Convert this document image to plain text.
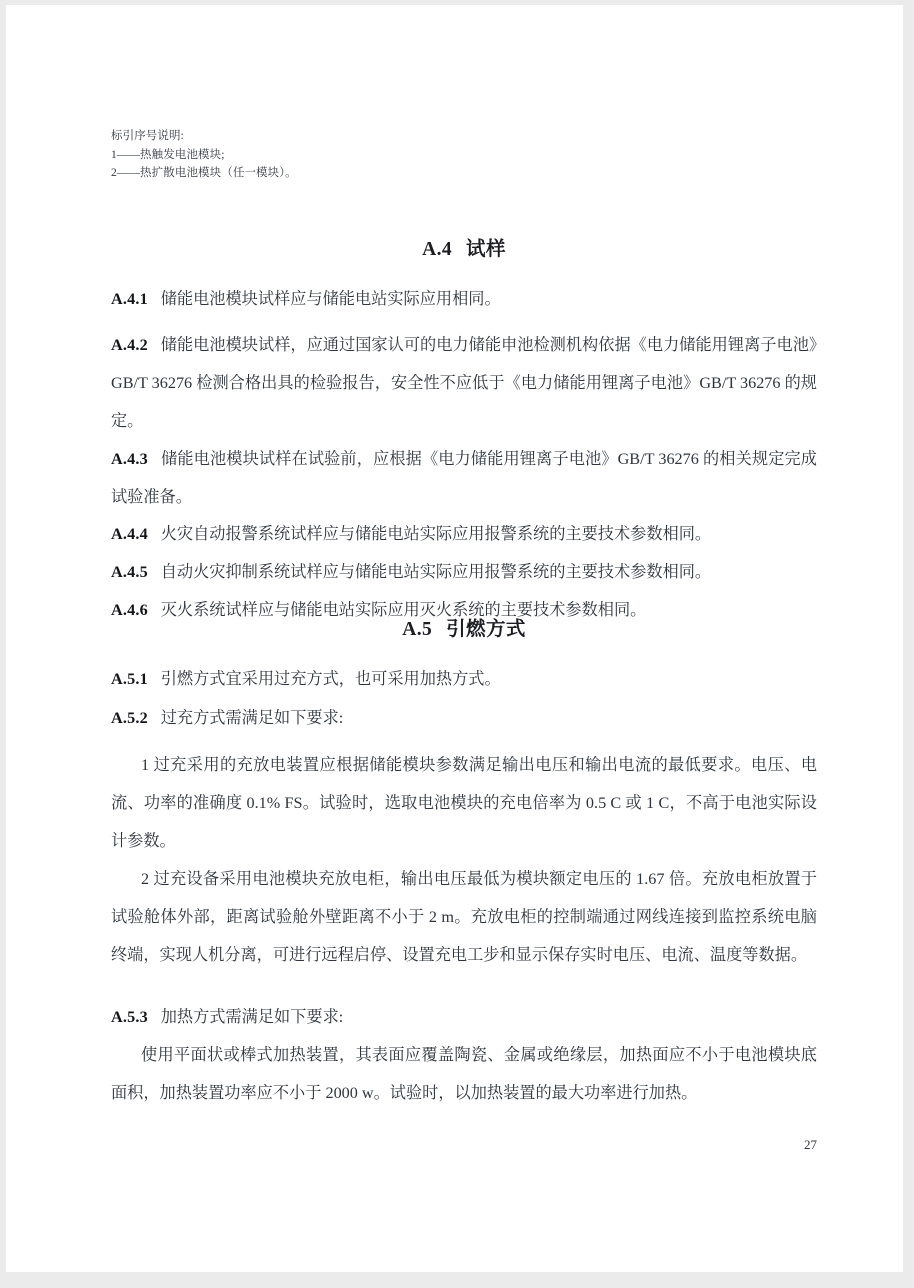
标引序号说明:
1——热触发电池模块;
2——热扩散电池模块（任一模块）。
A.4 试样
A.4.1 储能电池模块试样应与储能电站实际应用相同。
A.4.2 储能电池模块试样，应通过国家认可的电力储能申池检测机构依据《电力储能用锂离子电池》GB/T 36276 检测合格出具的检验报告，安全性不应低于《电力储能用锂离子电池》GB/T 36276 的规定。
A.4.3 储能电池模块试样在试验前，应根据《电力储能用锂离子电池》GB/T 36276 的相关规定完成试验准备。
A.4.4 火灾自动报警系统试样应与储能电站实际应用报警系统的主要技术参数相同。
A.4.5 自动火灾抑制系统试样应与储能电站实际应用报警系统的主要技术参数相同。
A.4.6 灭火系统试样应与储能电站实际应用灭火系统的主要技术参数相同。
A.5 引燃方式
A.5.1 引燃方式宜采用过充方式，也可采用加热方式。
A.5.2 过充方式需满足如下要求:
1 过充采用的充放电装置应根据储能模块参数满足输出电压和输出电流的最低要求。电压、电流、功率的准确度 0.1% FS。试验时，选取电池模块的充电倍率为 0.5 C 或 1 C，不高于电池实际设计参数。
2 过充设备采用电池模块充放电柜，输出电压最低为模块额定电压的 1.67 倍。充放电柜放置于试验舱体外部，距离试验舱外壁距离不小于 2 m。充放电柜的控制端通过网线连接到监控系统电脑终端，实现人机分离，可进行远程启停、设置充电工步和显示保存实时电压、电流、温度等数据。
A.5.3 加热方式需满足如下要求:
使用平面状或棒式加热装置，其表面应覆盖陶瓷、金属或绝缘层，加热面应不小于电池模块底面积，加热装置功率应不小于 2000 w。试验时，以加热装置的最大功率进行加热。
27
